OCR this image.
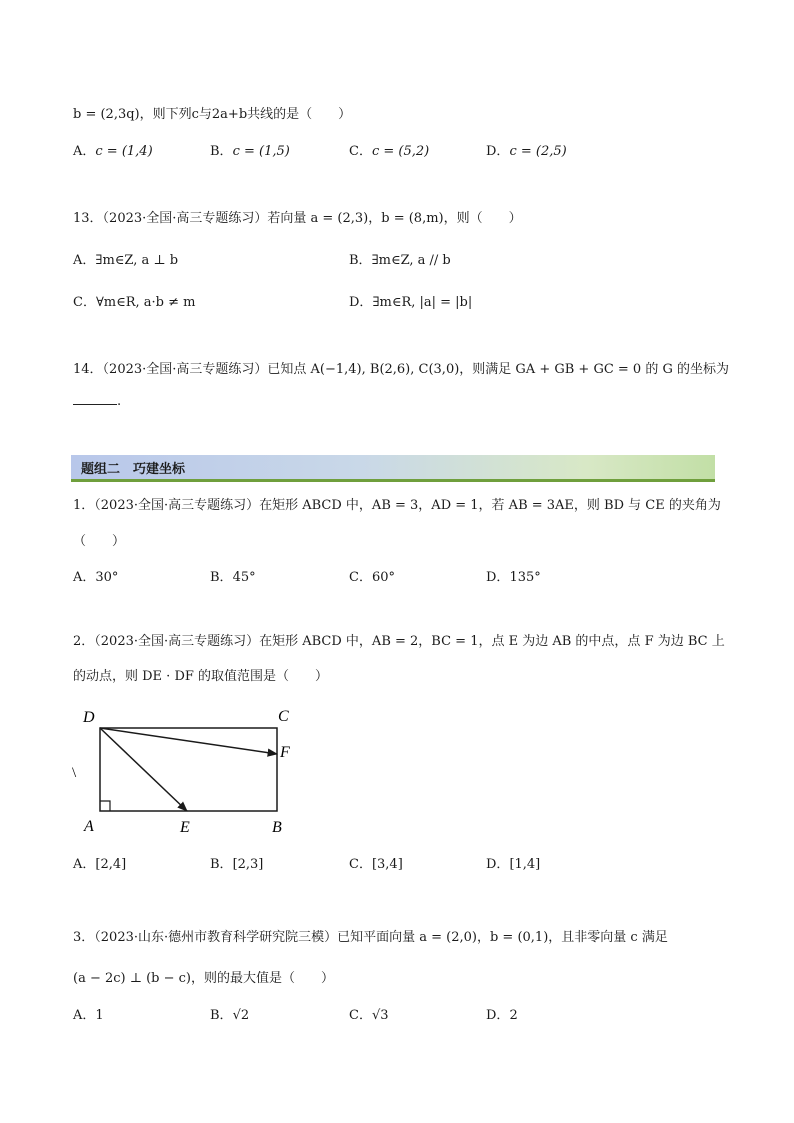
b = (2,3q)，则下列c与2a+b共线的是（　　）
A．c = (1,4)	B．c = (1,5)	C．c = (5,2)	D．c = (2,5)
13．（2023·全国·高三专题练习）若向量 a = (2,3)，b = (8,m)，则（　　）
A．∃m∈Z, a ⊥ b	B．∃m∈Z, a // b
C．∀m∈R, a·b ≠ m	D．∃m∈R, |a| = |b|
14．（2023·全国·高三专题练习）已知点 A(−1,4), B(2,6), C(3,0)，则满足 GA + GB + GC = 0 的 G 的坐标为
.
题组二　巧建坐标
1．（2023·全国·高三专题练习）在矩形 ABCD 中，AB = 3，AD = 1，若 AB = 3AE，则 BD 与 CE 的夹角为
（　　）
A．30°	B．45°	C．60°	D．135°
2．（2023·全国·高三专题练习）在矩形 ABCD 中，AB = 2，BC = 1，点 E 为边 AB 的中点，点 F 为边 BC 上
的动点，则 DE · DF 的取值范围是（　　）
D	C
F
A	E	B
\
A．[2,4]	B．[2,3]	C．[3,4]	D．[1,4]
3．（2023·山东·德州市教育科学研究院三模）已知平面向量 a = (2,0)，b = (0,1)，且非零向量 c 满足
(a − 2c) ⊥ (b − c)，则的最大值是（　　）
A．1	B．√2	C．√3	D．2
